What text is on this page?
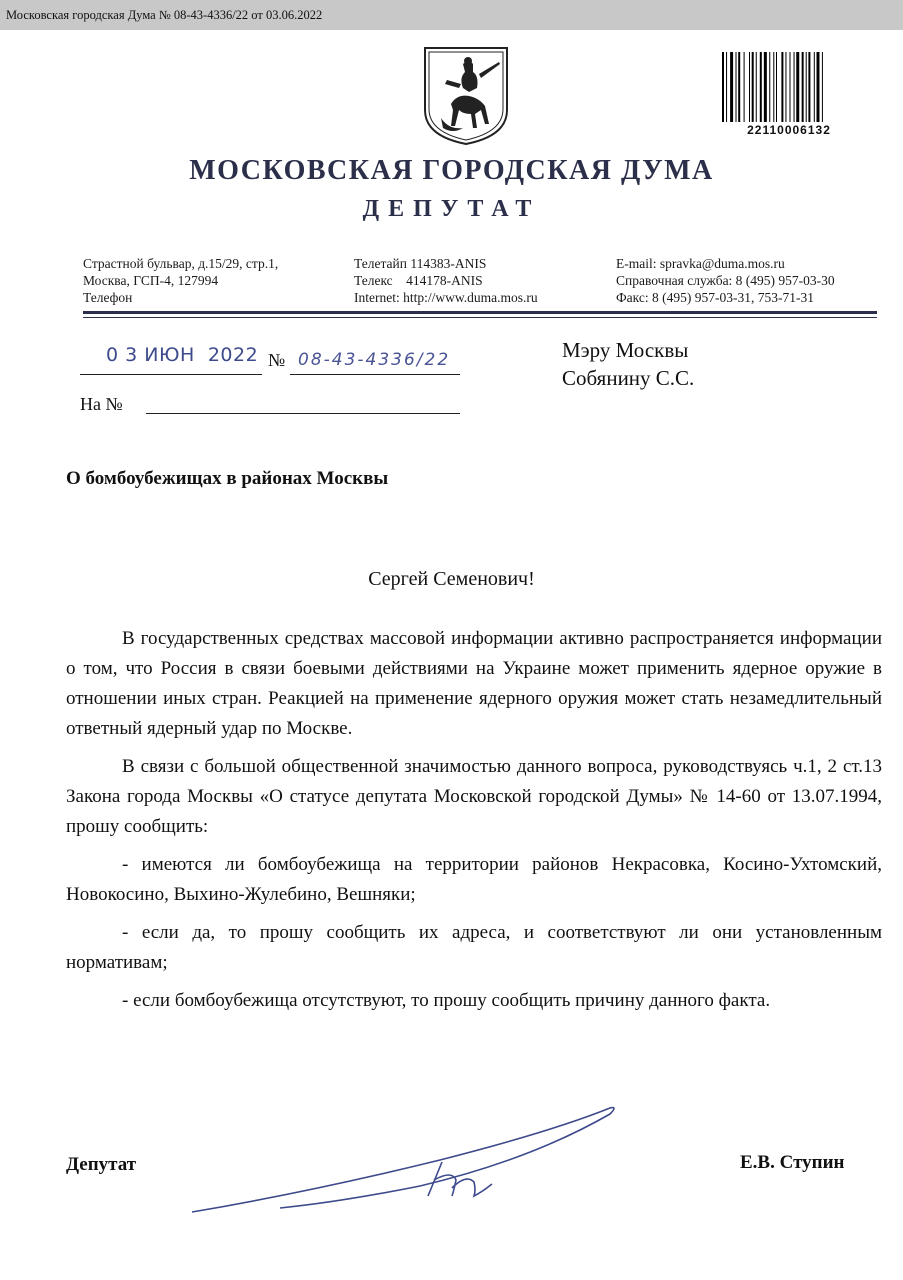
Московская городская Дума № 08-43-4336/22 от 03.06.2022
22110006132
МОСКОВСКАЯ ГОРОДСКАЯ ДУМА
ДЕПУТАТ
Страстной бульвар, д.15/29, стр.1,
Москва, ГСП-4, 127994
Телефон
Телетайп 114383-ANIS
Телекс    414178-ANIS
Internet: http://www.duma.mos.ru
E-mail: spravka@duma.mos.ru
Справочная служба: 8 (495) 957-03-30
Факс: 8 (495) 957-03-31, 753-71-31
0 3 ИЮН  2022 № 08-43-4336/22
На №
Мэру Москвы
Собянину С.С.
О бомбоубежищах в районах Москвы
Сергей Семенович!

В государственных средствах массовой информации активно распространяется информации о том, что Россия в связи боевыми действиями на Украине может применить ядерное оружие в отношении иных стран. Реакцией на применение ядерного оружия может стать незамедлительный ответный ядерный удар по Москве.

В связи с большой общественной значимостью данного вопроса, руководствуясь ч.1, 2 ст.13 Закона города Москвы «О статусе депутата Московской городской Думы» № 14-60 от 13.07.1994, прошу сообщить:

- имеются ли бомбоубежища на территории районов Некрасовка, Косино-Ухтомский, Новокосино, Выхино-Жулебино, Вешняки;

- если да, то прошу сообщить их адреса, и соответствуют ли они установленным нормативам;

- если бомбоубежища отсутствуют, то прошу сообщить причину данного факта.

Депутат	Е.В. Ступин
